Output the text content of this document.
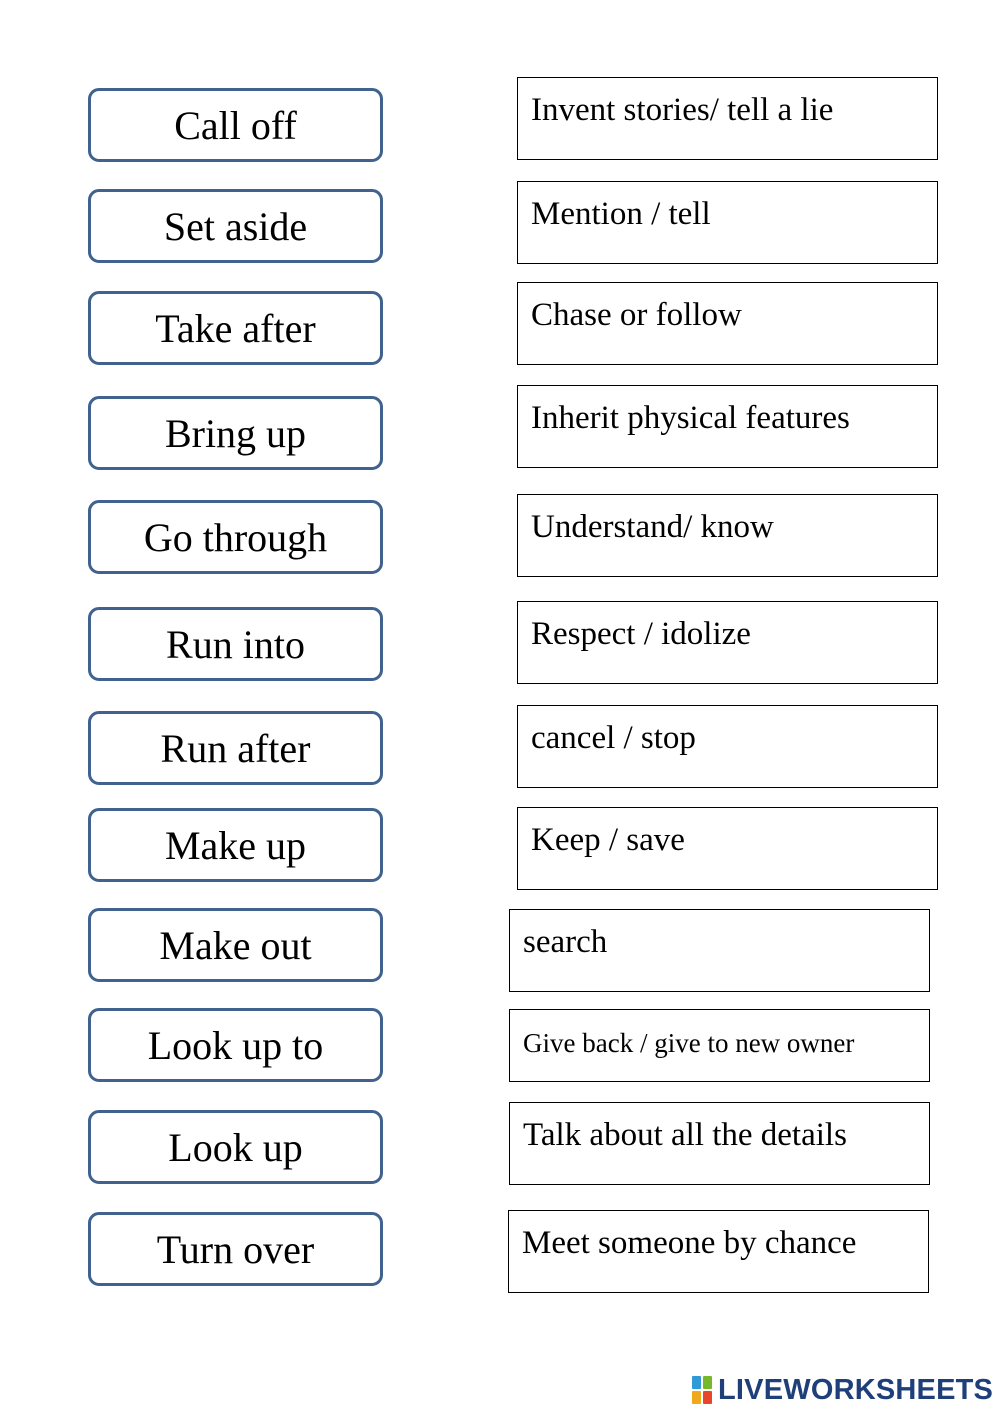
Call off
Set aside
Take after
Bring up
Go through
Run into
Run after
Make up
Make out
Look up to
Look up
Turn over
Invent stories/ tell a lie
Mention / tell
Chase or follow
Inherit physical features
Understand/ know
Respect / idolize
cancel / stop
Keep / save
search
Give back / give to new owner
Talk about all the details
Meet someone by chance
LIVEWORKSHEETS
